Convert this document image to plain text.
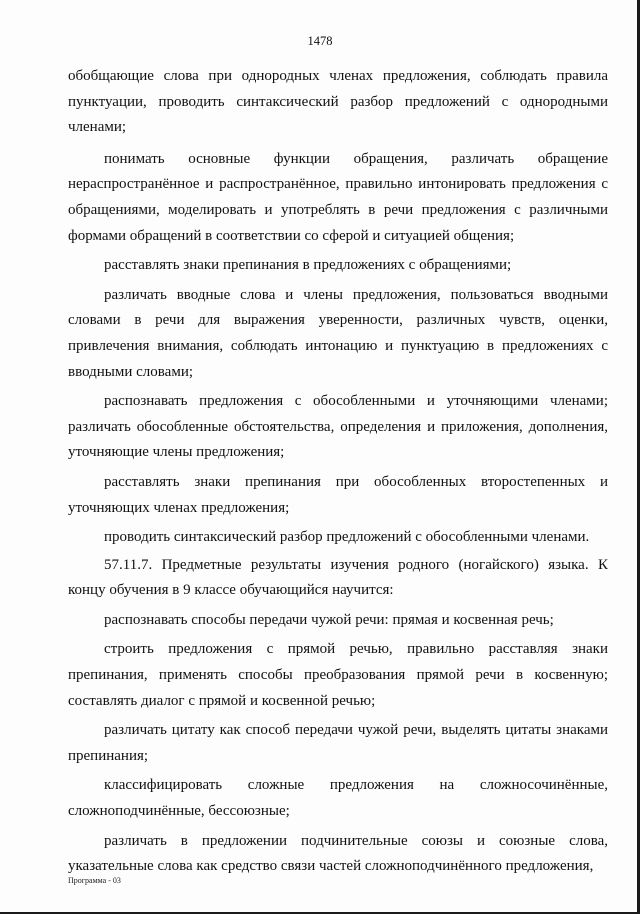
1478

обобщающие слова при однородных членах предложения, соблюдать правила пунктуации, проводить синтаксический разбор предложений с однородными членами;

понимать основные функции обращения, различать обращение нераспространённое и распространённое, правильно интонировать предложения с обращениями, моделировать и употреблять в речи предложения с различными формами обращений в соответствии со сферой и ситуацией общения;

расставлять знаки препинания в предложениях с обращениями;

различать вводные слова и члены предложения, пользоваться вводными словами в речи для выражения уверенности, различных чувств, оценки, привлечения внимания, соблюдать интонацию и пунктуацию в предложениях с вводными словами;

распознавать предложения с обособленными и уточняющими членами; различать обособленные обстоятельства, определения и приложения, дополнения, уточняющие члены предложения;

расставлять знаки препинания при обособленных второстепенных и уточняющих членах предложения;

проводить синтаксический разбор предложений с обособленными членами.

57.11.7. Предметные результаты изучения родного (ногайского) языка. К концу обучения в 9 классе обучающийся научится:

распознавать способы передачи чужой речи: прямая и косвенная речь;

строить предложения с прямой речью, правильно расставляя знаки препинания, применять способы преобразования прямой речи в косвенную; составлять диалог с прямой и косвенной речью;

различать цитату как способ передачи чужой речи, выделять цитаты знаками препинания;

классифицировать сложные предложения на сложносочинённые, сложноподчинённые, бессоюзные;

различать в предложении подчинительные союзы и союзные слова, указательные слова как средство связи частей сложноподчинённого предложения,

Программа - 03
